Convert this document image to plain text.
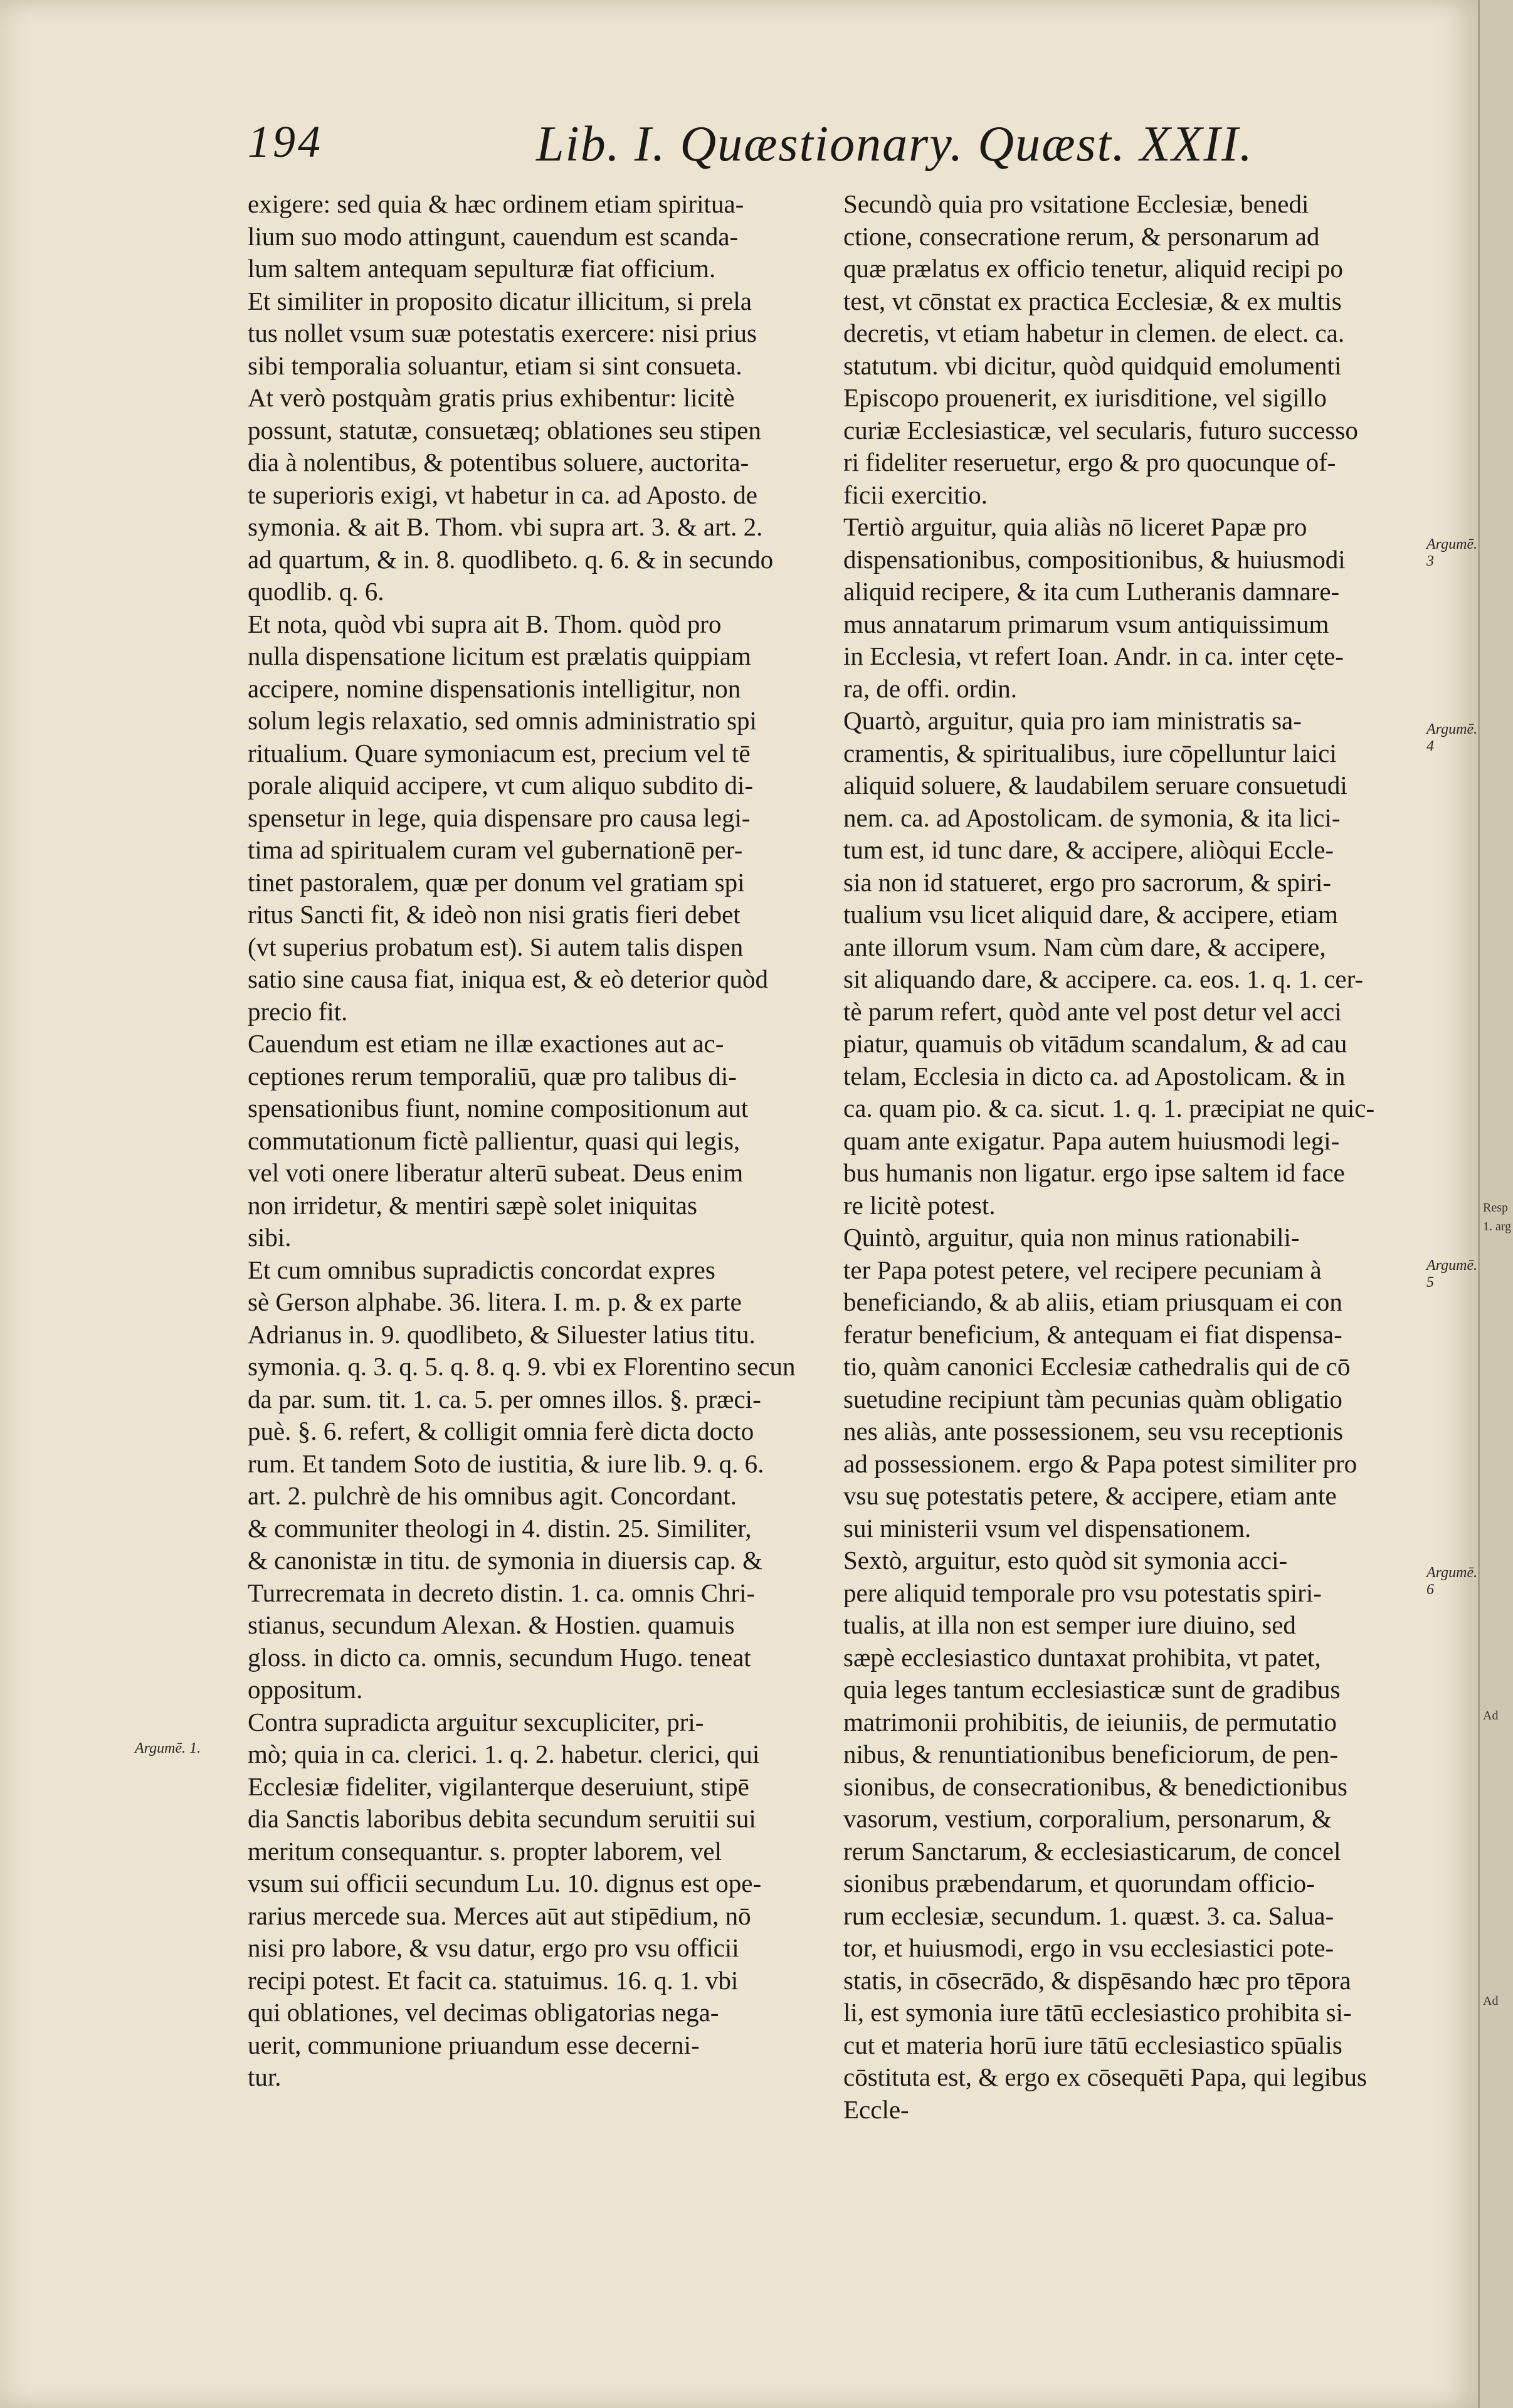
194	Lib. I. Quæstionary. Quæst. XXII.

exigere: sed quia & hæc ordinem etiam spiritua-

lium suo modo attingunt, cauendum est scanda-

lum saltem antequam sepulturæ fiat officium.

Et similiter in proposito dicatur illicitum, si prela

tus nollet vsum suæ potestatis exercere: nisi prius

sibi temporalia soluantur, etiam si sint consueta.

At verò postquàm gratis prius exhibentur: licitè

possunt, statutæ, consuetæq; oblationes seu stipen

dia à nolentibus, & potentibus soluere, auctorita-

te superioris exigi, vt habetur in ca. ad Aposto. de

symonia. & ait B. Thom. vbi supra art. 3. & art. 2.

ad quartum, & in. 8. quodlibeto. q. 6. & in secundo

quodlib. q. 6.

Et nota, quòd vbi supra ait B. Thom. quòd pro

nulla dispensatione licitum est prælatis quippiam

accipere, nomine dispensationis intelligitur, non

solum legis relaxatio, sed omnis administratio spi

ritualium. Quare symoniacum est, precium vel tē

porale aliquid accipere, vt cum aliquo subdito di-

spensetur in lege, quia dispensare pro causa legi-

tima ad spiritualem curam vel gubernationē per-

tinet pastoralem, quæ per donum vel gratiam spi

ritus Sancti fit, & ideò non nisi gratis fieri debet

(vt superius probatum est). Si autem talis dispen

satio sine causa fiat, iniqua est, & eò deterior quòd

precio fit.

Cauendum est etiam ne illæ exactiones aut ac-

ceptiones rerum temporaliū, quæ pro talibus di-

spensationibus fiunt, nomine compositionum aut

commutationum fictè pallientur, quasi qui legis,

vel voti onere liberatur alterū subeat. Deus enim

non irridetur, & mentiri sæpè solet iniquitas

sibi.

Et cum omnibus supradictis concordat expres

sè Gerson alphabe. 36. litera. I. m. p. & ex parte

Adrianus in. 9. quodlibeto, & Siluester latius titu.

symonia. q. 3. q. 5. q. 8. q. 9. vbi ex Florentino secun

da par. sum. tit. 1. ca. 5. per omnes illos. §. præci-

puè. §. 6. refert, & colligit omnia ferè dicta docto

rum. Et tandem Soto de iustitia, & iure lib. 9. q. 6.

art. 2. pulchrè de his omnibus agit. Concordant.

& communiter theologi in 4. distin. 25. Similiter,

& canonistæ in titu. de symonia in diuersis cap. &

Turrecremata in decreto distin. 1. ca. omnis Chri-

stianus, secundum Alexan. & Hostien. quamuis

gloss. in dicto ca. omnis, secundum Hugo. teneat

oppositum.

Contra supradicta arguitur sexcupliciter, pri-

mò; quia in ca. clerici. 1. q. 2. habetur. clerici, qui

Ecclesiæ fideliter, vigilanterque deseruiunt, stipē

dia Sanctis laboribus debita secundum seruitii sui

meritum consequantur. s. propter laborem, vel

vsum sui officii secundum Lu. 10. dignus est ope-

rarius mercede sua. Merces aūt aut stipēdium, nō

nisi pro labore, & vsu datur, ergo pro vsu officii

recipi potest. Et facit ca. statuimus. 16. q. 1. vbi

qui oblationes, vel decimas obligatorias nega-

uerit, communione priuandum esse decerni-

tur.

Secundò quia pro vsitatione Ecclesiæ, benedi

ctione, consecratione rerum, & personarum ad

quæ prælatus ex officio tenetur, aliquid recipi po

test, vt cōnstat ex practica Ecclesiæ, & ex multis

decretis, vt etiam habetur in clemen. de elect. ca.

statutum. vbi dicitur, quòd quidquid emolumenti

Episcopo prouenerit, ex iurisditione, vel sigillo

curiæ Ecclesiasticæ, vel secularis, futuro successo

ri fideliter reseruetur, ergo & pro quocunque of-

ficii exercitio.

Tertiò arguitur, quia aliàs nō liceret Papæ pro

dispensationibus, compositionibus, & huiusmodi

aliquid recipere, & ita cum Lutheranis damnare-

mus annatarum primarum vsum antiquissimum

in Ecclesia, vt refert Ioan. Andr. in ca. inter cęte-

ra, de offi. ordin.

Quartò, arguitur, quia pro iam ministratis sa-

cramentis, & spiritualibus, iure cōpelluntur laici

aliquid soluere, & laudabilem seruare consuetudi

nem. ca. ad Apostolicam. de symonia, & ita lici-

tum est, id tunc dare, & accipere, aliòqui Eccle-

sia non id statueret, ergo pro sacrorum, & spiri-

tualium vsu licet aliquid dare, & accipere, etiam

ante illorum vsum. Nam cùm dare, & accipere,

sit aliquando dare, & accipere. ca. eos. 1. q. 1. cer-

tè parum refert, quòd ante vel post detur vel acci

piatur, quamuis ob vitādum scandalum, & ad cau

telam, Ecclesia in dicto ca. ad Apostolicam. & in

ca. quam pio. & ca. sicut. 1. q. 1. præcipiat ne quic-

quam ante exigatur. Papa autem huiusmodi legi-

bus humanis non ligatur. ergo ipse saltem id face

re licitè potest.

Quintò, arguitur, quia non minus rationabili-

ter Papa potest petere, vel recipere pecuniam à

beneficiando, & ab aliis, etiam priusquam ei con

feratur beneficium, & antequam ei fiat dispensa-

tio, quàm canonici Ecclesiæ cathedralis qui de cō

suetudine recipiunt tàm pecunias quàm obligatio

nes aliàs, ante possessionem, seu vsu receptionis

ad possessionem. ergo & Papa potest similiter pro

vsu suę potestatis petere, & accipere, etiam ante

sui ministerii vsum vel dispensationem.

Sextò, arguitur, esto quòd sit symonia acci-

pere aliquid temporale pro vsu potestatis spiri-

tualis, at illa non est semper iure diuino, sed

sæpè ecclesiastico duntaxat prohibita, vt patet,

quia leges tantum ecclesiasticæ sunt de gradibus

matrimonii prohibitis, de ieiuniis, de permutatio

nibus, & renuntiationibus beneficiorum, de pen-

sionibus, de consecrationibus, & benedictionibus

vasorum, vestium, corporalium, personarum, &

rerum Sanctarum, & ecclesiasticarum, de concel

sionibus præbendarum, et quorundam officio-

rum ecclesiæ, secundum. 1. quæst. 3. ca. Salua-

tor, et huiusmodi, ergo in vsu ecclesiastici pote-

statis, in cōsecrādo, & dispēsando hæc pro tēpora

li, est symonia iure tātū ecclesiastico prohibita si-

cut et materia horū iure tātū ecclesiastico spūalis

cōstituta est, & ergo ex cōsequēti Papa, qui legibus

Eccle-

Argumē. 1.
Argumē. 3
Argumē. 4
Argumē. 5
Argumē. 6
Resp
1. arg
Ad
Ad
